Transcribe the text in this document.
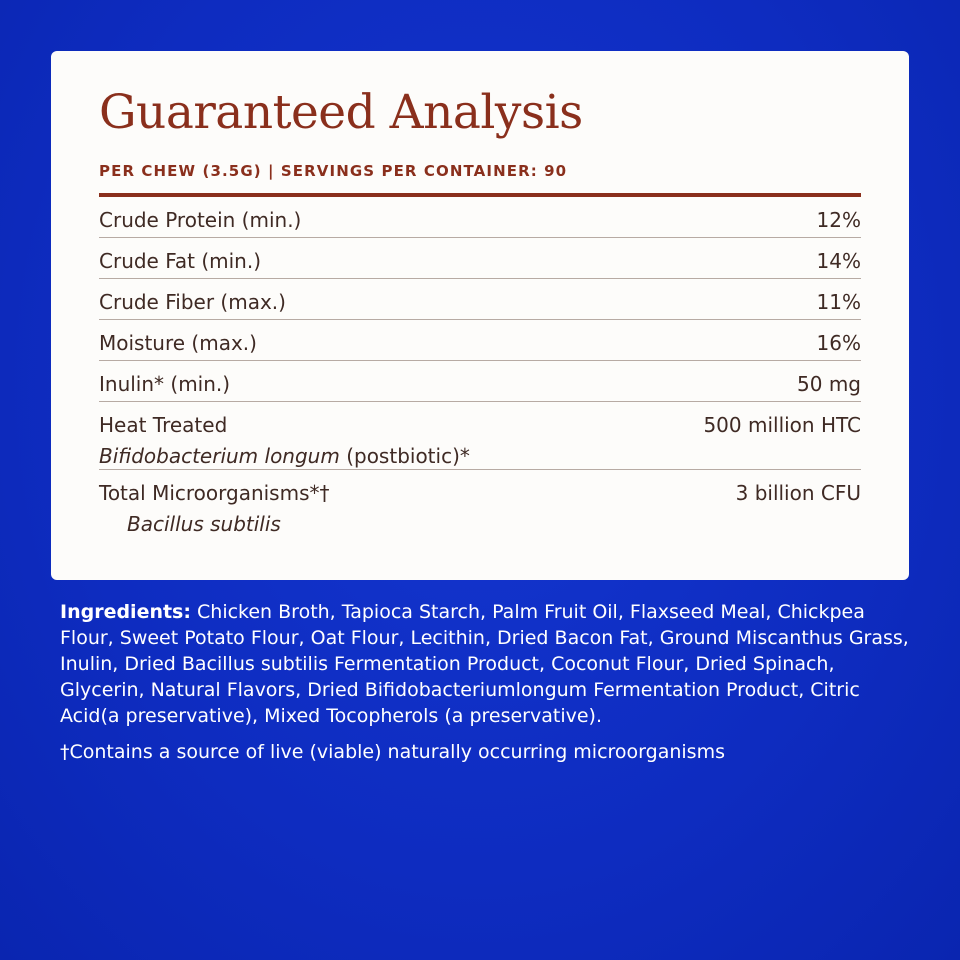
Guaranteed Analysis

PER CHEW (3.5G) | SERVINGS PER CONTAINER: 90

Crude Protein (min.)	12%
Crude Fat (min.)	14%
Crude Fiber (max.)	11%
Moisture (max.)	16%
Inulin* (min.)	50 mg
Heat Treated	500 million HTC
Bifidobacterium longum (postbiotic)*
Total Microorganisms*†	3 billion CFU
Bacillus subtilis

Ingredients: Chicken Broth, Tapioca Starch, Palm Fruit Oil, Flaxseed Meal, Chickpea Flour, Sweet Potato Flour, Oat Flour, Lecithin, Dried Bacon Fat, Ground Miscanthus Grass, Inulin, Dried Bacillus subtilis Fermentation Product, Coconut Flour, Dried Spinach, Glycerin, Natural Flavors, Dried Bifidobacteriumlongum Fermentation Product, Citric Acid(a preservative), Mixed Tocopherols (a preservative).

†Contains a source of live (viable) naturally occurring microorganisms
